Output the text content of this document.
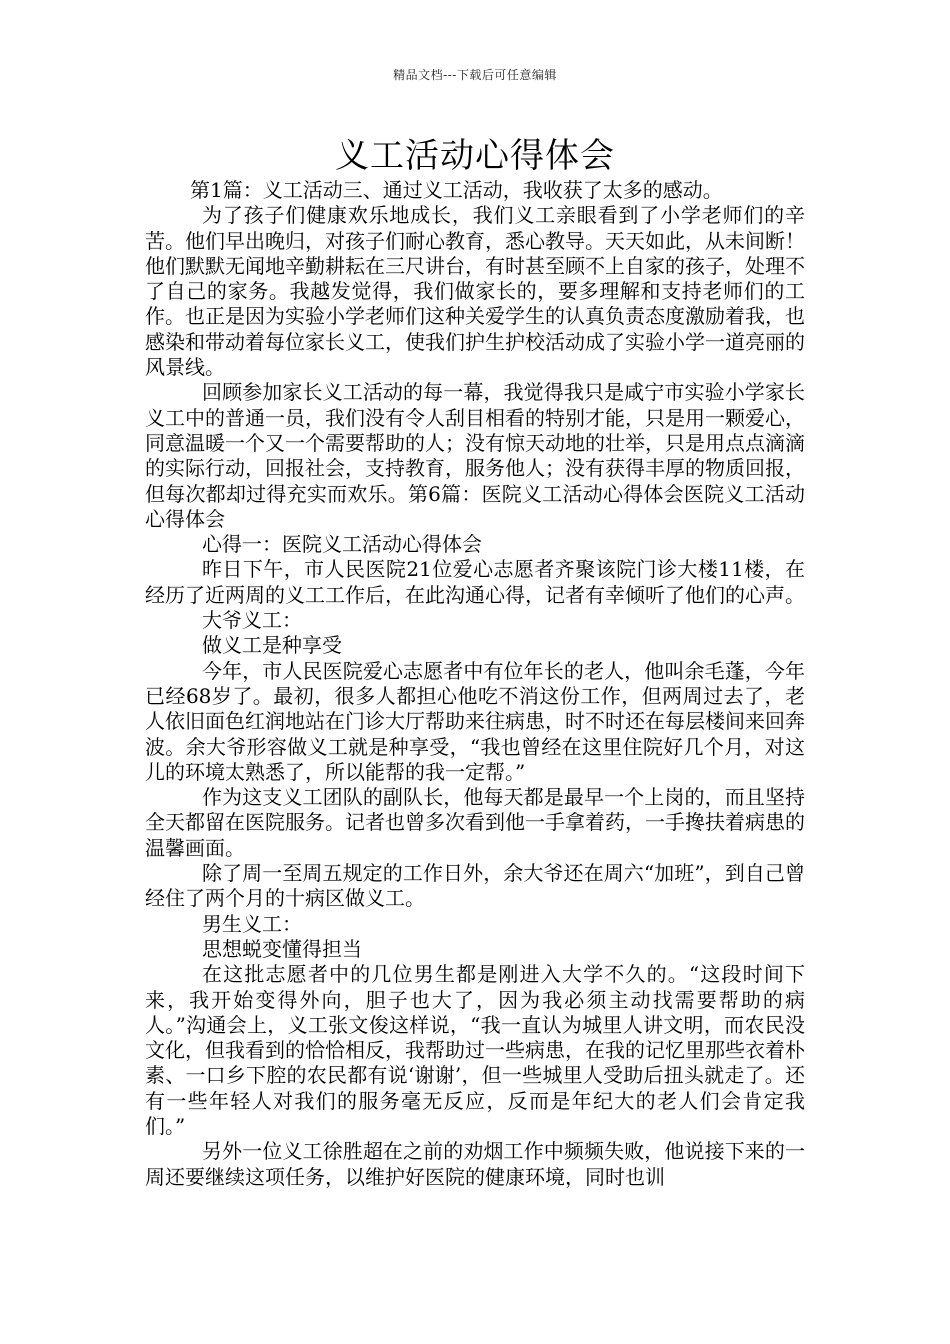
精品文档---下载后可任意编辑
义工活动心得体会

第1篇：义工活动三、通过义工活动，我收获了太多的感动。

为了孩子们健康欢乐地成长，我们义工亲眼看到了小学老师们的辛苦。他们早出晚归，对孩子们耐心教育，悉心教导。天天如此，从未间断！他们默默无闻地辛勤耕耘在三尺讲台，有时甚至顾不上自家的孩子，处理不了自己的家务。我越发觉得，我们做家长的，要多理解和支持老师们的工作。也正是因为实验小学老师们这种关爱学生的认真负责态度激励着我，也感染和带动着每位家长义工，使我们护生护校活动成了实验小学一道亮丽的风景线。

回顾参加家长义工活动的每一幕，我觉得我只是咸宁市实验小学家长义工中的普通一员，我们没有令人刮目相看的特别才能，只是用一颗爱心，同意温暖一个又一个需要帮助的人；没有惊天动地的壮举，只是用点点滴滴的实际行动，回报社会，支持教育，服务他人；没有获得丰厚的物质回报，但每次都却过得充实而欢乐。第6篇：医院义工活动心得体会医院义工活动心得体会

心得一：医院义工活动心得体会

昨日下午，市人民医院21位爱心志愿者齐聚该院门诊大楼11楼，在经历了近两周的义工工作后，在此沟通心得，记者有幸倾听了他们的心声。

大爷义工：

做义工是种享受

今年，市人民医院爱心志愿者中有位年长的老人，他叫余毛蓬，今年已经68岁了。最初，很多人都担心他吃不消这份工作，但两周过去了，老人依旧面色红润地站在门诊大厅帮助来往病患，时不时还在每层楼间来回奔波。余大爷形容做义工就是种享受，“我也曾经在这里住院好几个月，对这儿的环境太熟悉了，所以能帮的我一定帮。”

作为这支义工团队的副队长，他每天都是最早一个上岗的，而且坚持全天都留在医院服务。记者也曾多次看到他一手拿着药，一手搀扶着病患的温馨画面。

除了周一至周五规定的工作日外，余大爷还在周六“加班”，到自己曾经住了两个月的十病区做义工。

男生义工：

思想蜕变懂得担当

在这批志愿者中的几位男生都是刚进入大学不久的。“这段时间下来，我开始变得外向，胆子也大了，因为我必须主动找需要帮助的病人。”沟通会上，义工张文俊这样说，“我一直认为城里人讲文明，而农民没文化，但我看到的恰恰相反，我帮助过一些病患，在我的记忆里那些衣着朴素、一口乡下腔的农民都有说‘谢谢’，但一些城里人受助后扭头就走了。还有一些年轻人对我们的服务毫无反应，反而是年纪大的老人们会肯定我们。”

另外一位义工徐胜超在之前的劝烟工作中频频失败，他说接下来的一周还要继续这项任务，以维护好医院的健康环境，同时也训
